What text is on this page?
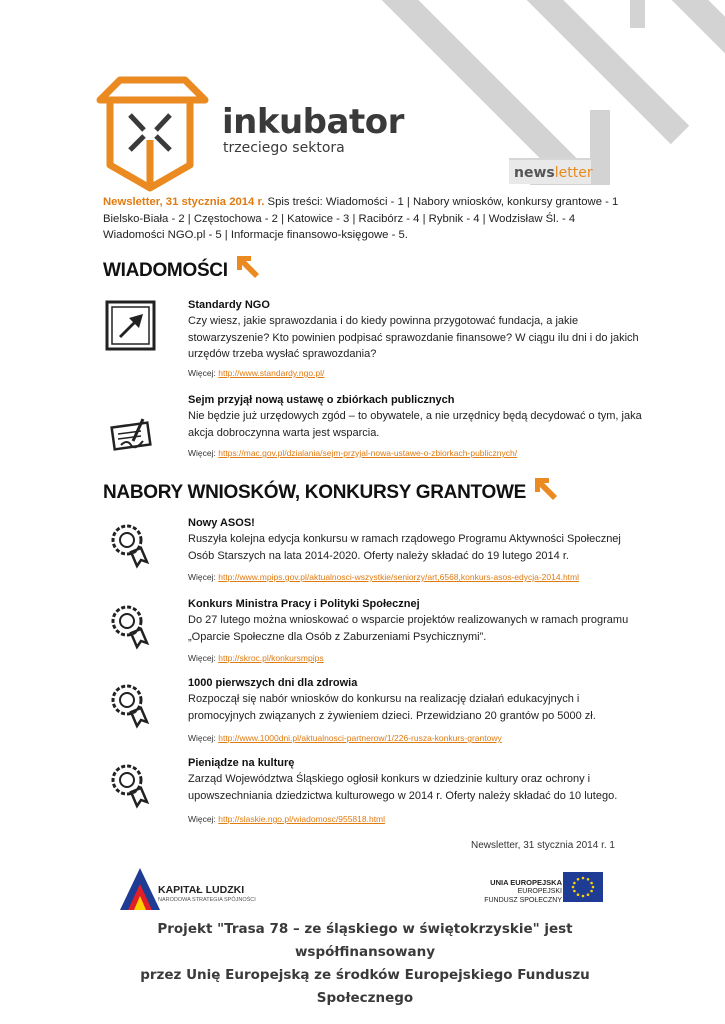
inkubator
trzeciego sektora
newsletter

Newsletter, 31 stycznia 2014 r. Spis treści: Wiadomości - 1 | Nabory wniosków, konkursy grantowe - 1 Bielsko-Biała - 2 | Częstochowa - 2 | Katowice - 3 | Racibórz - 4 | Rybnik - 4 | Wodzisław Śl. - 4 Wiadomości NGO.pl - 5 | Informacje finansowo-księgowe - 5.

WIADOMOŚCI
Standardy NGO
Czy wiesz, jakie sprawozdania i do kiedy powinna przygotować fundacja, a jakie stowarzyszenie? Kto powinien podpisać sprawozdanie finansowe? W ciągu ilu dni i do jakich urzędów trzeba wysłać sprawozdania?
Więcej: http://www.standardy.ngo.pl/
Sejm przyjął nową ustawę o zbiórkach publicznych
Nie będzie już urzędowych zgód – to obywatele, a nie urzędnicy będą decydować o tym, jaka akcja dobroczynna warta jest wsparcia.
Więcej: https://mac.gov.pl/dzialania/sejm-przyjal-nowa-ustawe-o-zbiorkach-publicznych/
NABORY WNIOSKÓW, KONKURSY GRANTOWE
Nowy ASOS!
Ruszyła kolejna edycja konkursu w ramach rządowego Programu Aktywności Społecznej Osób Starszych na lata 2014-2020. Oferty należy składać do 19 lutego 2014 r.
Więcej: http://www.mpips.gov.pl/aktualnosci-wszystkie/seniorzy/art,6568,konkurs-asos-edycja-2014.html
Konkurs Ministra Pracy i Polityki Społecznej
Do 27 lutego można wnioskować o wsparcie projektów realizowanych w ramach programu „Oparcie Społeczne dla Osób z Zaburzeniami Psychicznymi”.
Więcej: http://skroc.pl/konkursmpips
1000 pierwszych dni dla zdrowia
Rozpoczął się nabór wniosków do konkursu na realizację działań edukacyjnych i promocyjnych związanych z żywieniem dzieci. Przewidziano 20 grantów po 5000 zł.
Więcej: http://www.1000dni.pl/aktualnosci-partnerow/1/226-ruszа-konkurs-grantowy
Pieniądze na kulturę
Zarząd Województwa Śląskiego ogłosił konkurs w dziedzinie kultury oraz ochrony i upowszechniania dziedzictwa kulturowego w 2014 r. Oferty należy składać do 10 lutego.
Więcej: http://slaskie.ngo.pl/wiadomosc/955818.html
Newsletter, 31 stycznia 2014 r. 1
KAPITAŁ LUDZKI
NARODOWA STRATEGIA SPÓJNOŚCI
UNIA EUROPEJSKA
EUROPEJSKI
FUNDUSZ SPOŁECZNY
Projekt "Trasa 78 – ze śląskiego w świętokrzyskie" jest współfinansowany
przez Unię Europejską ze środków Europejskiego Funduszu Społecznego
